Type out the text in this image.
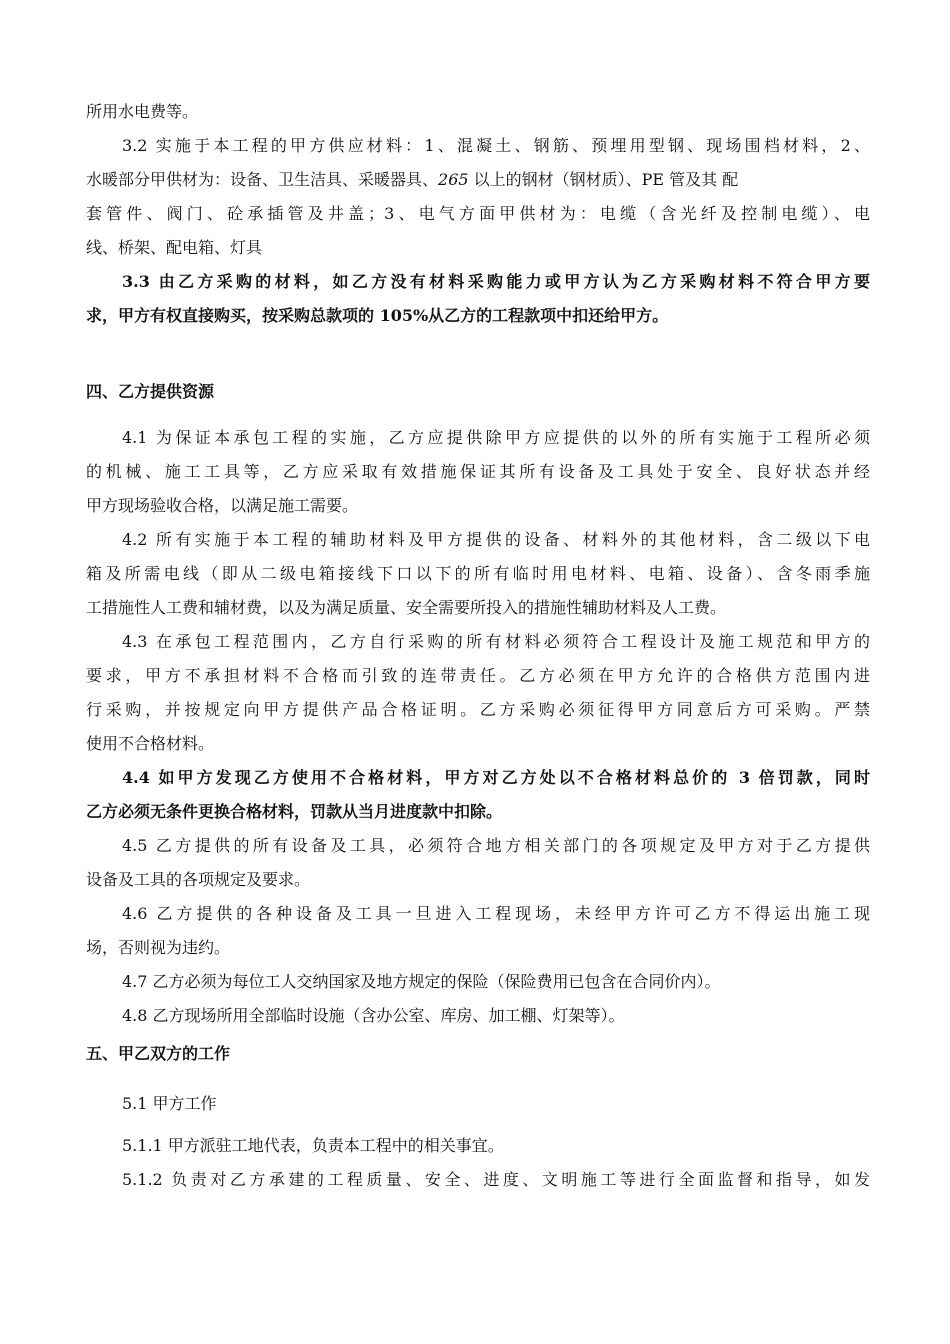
所用水电费等。
3.2 实施于本工程的甲方供应材料：1、混凝土、钢筋、预埋用型钢、现场围档材料，2、
水暖部分甲供材为：设备、卫生洁具、采暖器具、265 以上的钢材（钢材质）、PE 管及其 配
套管件、阀门、砼承插管及井盖；3、电气方面甲供材为：电缆（含光纤及控制电缆）、电
线、桥架、配电箱、灯具
3.3 由乙方采购的材料，如乙方没有材料采购能力或甲方认为乙方采购材料不符合甲方要
求，甲方有权直接购买，按采购总款项的 105%从乙方的工程款项中扣还给甲方。
四、乙方提供资源
4.1 为保证本承包工程的实施，乙方应提供除甲方应提供的以外的所有实施于工程所必须
的机械、施工工具等，乙方应采取有效措施保证其所有设备及工具处于安全、良好状态并经
甲方现场验收合格，以满足施工需要。
4.2 所有实施于本工程的辅助材料及甲方提供的设备、材料外的其他材料，含二级以下电
箱及所需电线（即从二级电箱接线下口以下的所有临时用电材料、电箱、设备）、含冬雨季施
工措施性人工费和辅材费，以及为满足质量、安全需要所投入的措施性辅助材料及人工费。
4.3 在承包工程范围内，乙方自行采购的所有材料必须符合工程设计及施工规范和甲方的
要求，甲方不承担材料不合格而引致的连带责任。乙方必须在甲方允许的合格供方范围内进
行采购，并按规定向甲方提供产品合格证明。乙方采购必须征得甲方同意后方可采购。严禁
使用不合格材料。
4.4 如甲方发现乙方使用不合格材料，甲方对乙方处以不合格材料总价的 3 倍罚款，同时
乙方必须无条件更换合格材料，罚款从当月进度款中扣除。
4.5 乙方提供的所有设备及工具，必须符合地方相关部门的各项规定及甲方对于乙方提供
设备及工具的各项规定及要求。
4.6 乙方提供的各种设备及工具一旦进入工程现场，未经甲方许可乙方不得运出施工现
场，否则视为违约。
4.7 乙方必须为每位工人交纳国家及地方规定的保险（保险费用已包含在合同价内）。
4.8 乙方现场所用全部临时设施（含办公室、库房、加工棚、灯架等）。
五、甲乙双方的工作
5.1 甲方工作
5.1.1 甲方派驻工地代表，负责本工程中的相关事宜。
5.1.2 负责对乙方承建的工程质量、安全、进度、文明施工等进行全面监督和指导，如发
